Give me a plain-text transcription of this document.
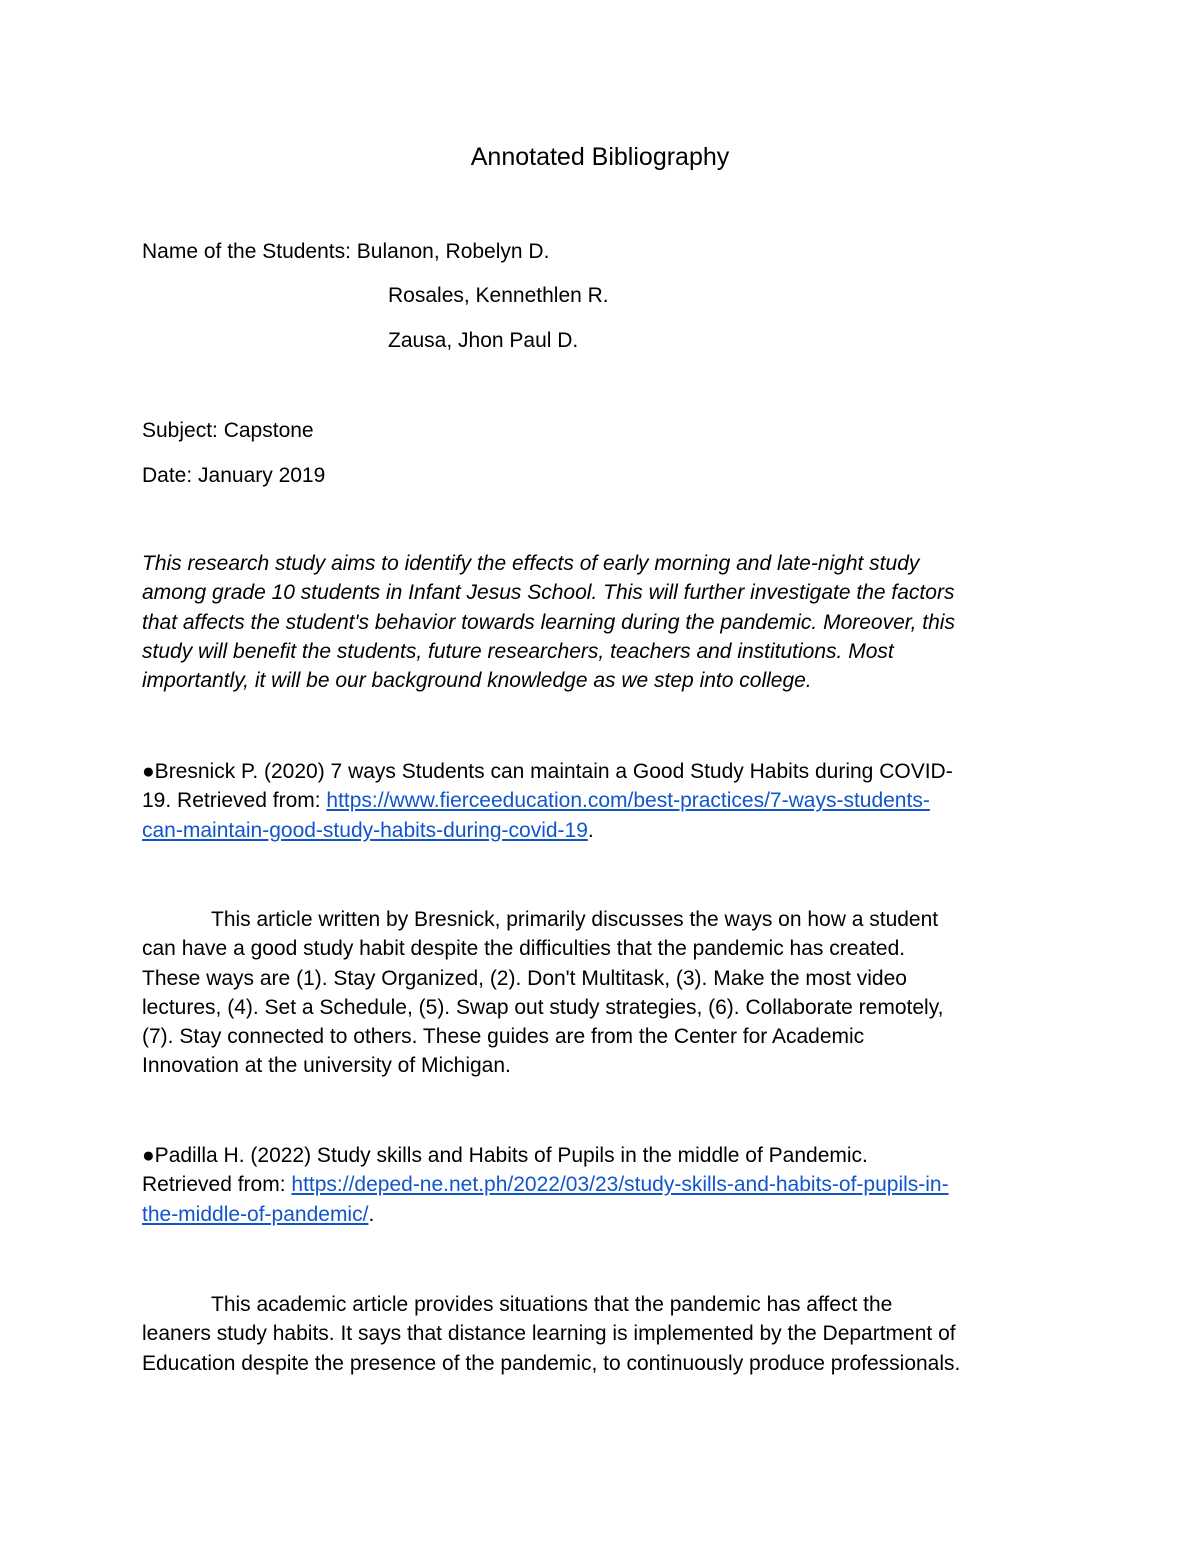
Annotated Bibliography
Name of the Students: Bulanon, Robelyn D.
Rosales, Kennethlen R.
Zausa, Jhon Paul D.
Subject: Capstone
Date: January 2019
This research study aims to identify the effects of early morning and late-night study
among grade 10 students in Infant Jesus School. This will further investigate the factors
that affects the student's behavior towards learning during the pandemic. Moreover, this
study will benefit the students, future researchers, teachers and institutions. Most
importantly, it will be our background knowledge as we step into college.
●Bresnick P. (2020) 7 ways Students can maintain a Good Study Habits during COVID-
19. Retrieved from: https://www.fierceeducation.com/best-practices/7-ways-students-
can-maintain-good-study-habits-during-covid-19.
This article written by Bresnick, primarily discusses the ways on how a student
can have a good study habit despite the difficulties that the pandemic has created.
These ways are (1). Stay Organized, (2). Don't Multitask, (3). Make the most video
lectures, (4). Set a Schedule, (5). Swap out study strategies, (6). Collaborate remotely,
(7). Stay connected to others. These guides are from the Center for Academic
Innovation at the university of Michigan.
●Padilla H. (2022) Study skills and Habits of Pupils in the middle of Pandemic.
Retrieved from: https://deped-ne.net.ph/2022/03/23/study-skills-and-habits-of-pupils-in-
the-middle-of-pandemic/.
This academic article provides situations that the pandemic has affect the
leaners study habits. It says that distance learning is implemented by the Department of
Education despite the presence of the pandemic, to continuously produce professionals.
